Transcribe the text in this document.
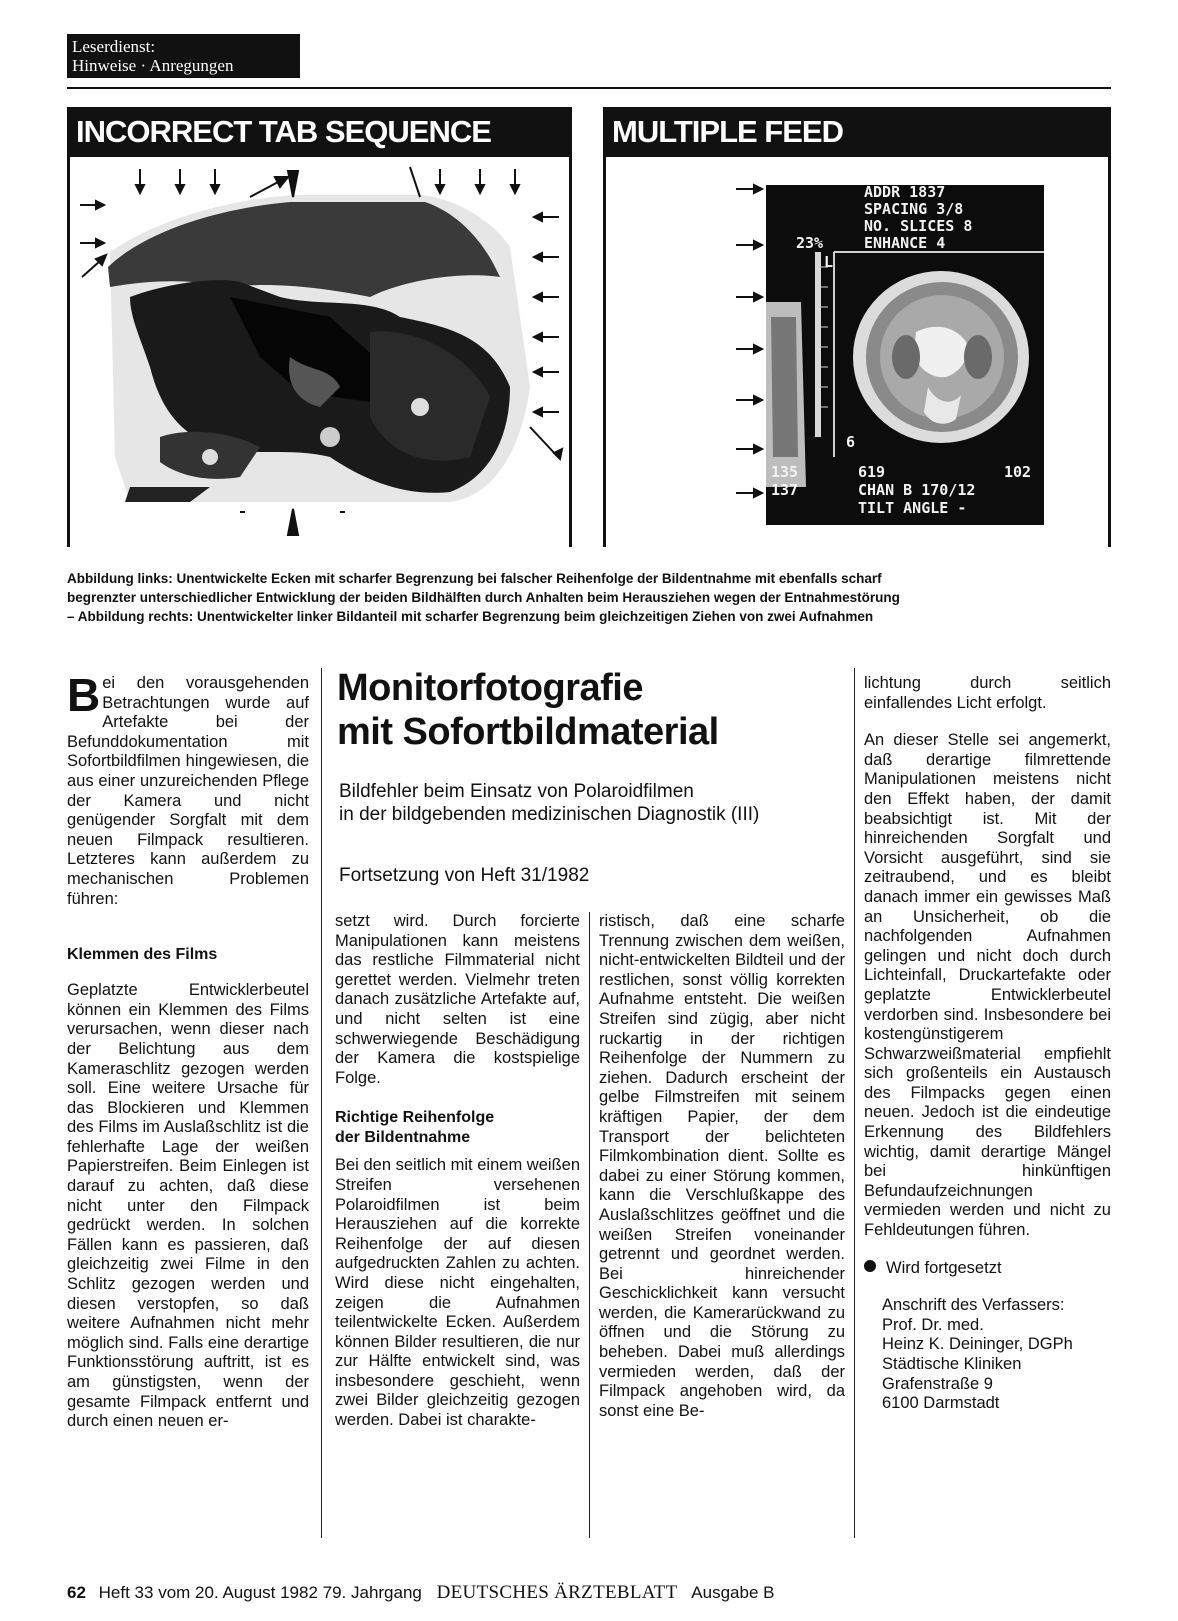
Leserdienst:
Hinweise · Anregungen
INCORRECT TAB SEQUENCE	MULTIPLE FEED
ADDR 1837
SPACING 3/8
NO. SLICES 8
ENHANCE 4
23%
L
6
135	619	102
137	CHAN B 170/12
TILT ANGLE -

Abbildung links: Unentwickelte Ecken mit scharfer Begrenzung bei falscher Reihenfolge der Bildentnahme mit ebenfalls scharf

begrenzter unterschiedlicher Entwicklung der beiden Bildhälften durch Anhalten beim Herausziehen wegen der Entnahmestörung

– Abbildung rechts: Unentwickelter linker Bildanteil mit scharfer Begrenzung beim gleichzeitigen Ziehen von zwei Aufnahmen

Monitorfotografie
mit Sofortbildmaterial
Bildfehler beim Einsatz von Polaroidfilmen
in der bildgebenden medizinischen Diagnostik (III)
Fortsetzung von Heft 31/1982

Bei den vorausgehenden Betrachtungen wurde auf Artefakte bei der Befunddokumentation mit Sofortbildfilmen hingewiesen, die aus einer unzureichenden Pflege der Kamera und nicht genügender Sorgfalt mit dem neuen Filmpack resultieren. Letzteres kann außerdem zu mechanischen Problemen führen:

Klemmen des Films

Geplatzte Entwicklerbeutel können ein Klemmen des Films verursachen, wenn dieser nach der Belichtung aus dem Kameraschlitz gezogen werden soll. Eine weitere Ursache für das Blockieren und Klemmen des Films im Auslaßschlitz ist die fehlerhafte Lage der weißen Papierstreifen. Beim Einlegen ist darauf zu achten, daß diese nicht unter den Filmpack gedrückt werden. In solchen Fällen kann es passieren, daß gleichzeitig zwei Filme in den Schlitz gezogen werden und diesen verstopfen, so daß weitere Aufnahmen nicht mehr möglich sind. Falls eine derartige Funktionsstörung auftritt, ist es am günstigsten, wenn der gesamte Filmpack entfernt und durch einen neuen er-

setzt wird. Durch forcierte Manipulationen kann meistens das restliche Filmmaterial nicht gerettet werden. Vielmehr treten danach zusätzliche Artefakte auf, und nicht selten ist eine schwerwiegende Beschädigung der Kamera die kostspielige Folge.

Richtige Reihenfolge
der Bildentnahme

Bei den seitlich mit einem weißen Streifen versehenen Polaroidfilmen ist beim Herausziehen auf die korrekte Reihenfolge der auf diesen aufgedruckten Zahlen zu achten. Wird diese nicht eingehalten, zeigen die Aufnahmen teilentwickelte Ecken. Außerdem können Bilder resultieren, die nur zur Hälfte entwickelt sind, was insbesondere geschieht, wenn zwei Bilder gleichzeitig gezogen werden. Dabei ist charakte-

ristisch, daß eine scharfe Trennung zwischen dem weißen, nicht-entwickelten Bildteil und der restlichen, sonst völlig korrekten Aufnahme entsteht. Die weißen Streifen sind zügig, aber nicht ruckartig in der richtigen Reihenfolge der Nummern zu ziehen. Dadurch erscheint der gelbe Filmstreifen mit seinem kräftigen Papier, der dem Transport der belichteten Filmkombination dient. Sollte es dabei zu einer Störung kommen, kann die Verschlußkappe des Auslaßschlitzes geöffnet und die weißen Streifen voneinander getrennt und geordnet werden. Bei hinreichender Geschicklichkeit kann versucht werden, die Kamerarückwand zu öffnen und die Störung zu beheben. Dabei muß allerdings vermieden werden, daß der Filmpack angehoben wird, da sonst eine Be-

lichtung durch seitlich einfallendes Licht erfolgt.

An dieser Stelle sei angemerkt, daß derartige filmrettende Manipulationen meistens nicht den Effekt haben, der damit beabsichtigt ist. Mit der hinreichenden Sorgfalt und Vorsicht ausgeführt, sind sie zeitraubend, und es bleibt danach immer ein gewisses Maß an Unsicherheit, ob die nachfolgenden Aufnahmen gelingen und nicht doch durch Lichteinfall, Druckartefakte oder geplatzte Entwicklerbeutel verdorben sind. Insbesondere bei kostengünstigerem Schwarzweißmaterial empfiehlt sich großenteils ein Austausch des Filmpacks gegen einen neuen. Jedoch ist die eindeutige Erkennung des Bildfehlers wichtig, damit derartige Mängel bei hinkünftigen Befundaufzeichnungen vermieden werden und nicht zu Fehldeutungen führen.

Wird fortgesetzt

Anschrift des Verfassers:
Prof. Dr. med.
Heinz K. Deininger, DGPh
Städtische Kliniken
Grafenstraße 9
6100 Darmstadt

62 Heft 33 vom 20. August 1982 79. Jahrgang DEUTSCHES ÄRZTEBLATT Ausgabe B
